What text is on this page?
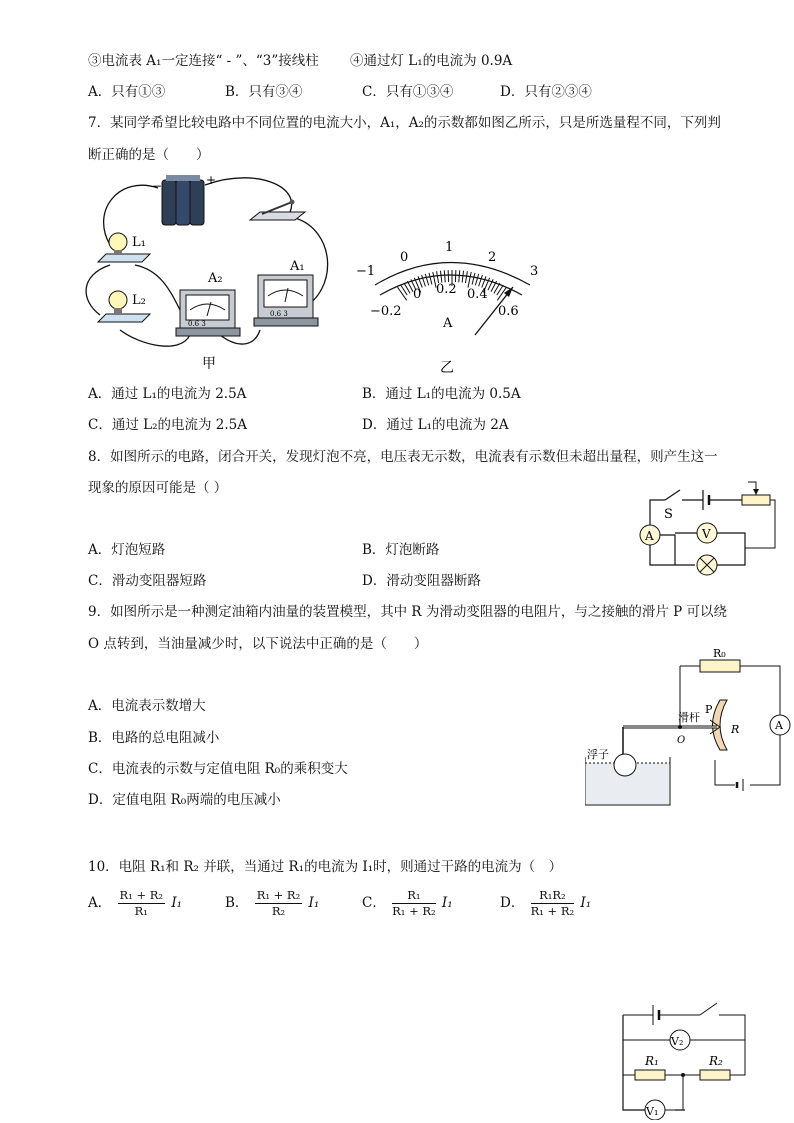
③电流表 A₁一定连接“ - ”、“3”接线柱 ④通过灯 L₁的电流为 0.9A
A．只有①③	B．只有③④	C．只有①③④	D．只有②③④
7．某同学希望比较电路中不同位置的电流大小，A₁，A₂的示数都如图乙所示，只是所选量程不同，下列判
断正确的是（　　）
−	+
L₁
L₂
A₂
0.6 3
A₁
0.6 3
甲
−1
0
1
2
3
−0.2
0 0.2 0.4
0.6
A
乙
A．通过 L₁的电流为 2.5A	B．通过 L₁的电流为 0.5A
C．通过 L₂的电流为 2.5A	D．通过 L₁的电流为 2A
8．如图所示的电路，闭合开关，发现灯泡不亮，电压表无示数，电流表有示数但未超出量程，则产生这一
现象的原因可能是（ ）
S
A	V
A．灯泡短路	B．灯泡断路
C．滑动变阻器短路	D．滑动变阻器断路
9．如图所示是一种测定油箱内油量的装置模型，其中 R 为滑动变阻器的电阻片，与之接触的滑片 P 可以绕
O 点转到，当油量减少时，以下说法中正确的是（　　）
R₀
A
R
O
滑杆
P
浮子
A．电流表示数增大
B．电路的总电阻减小
C．电流表的示数与定值电阻 R₀的乘积变大
D．定值电阻 R₀两端的电压减小
10．电阻 R₁和 R₂ 并联，当通过 R₁的电流为 I₁时，则通过干路的电流为（　）
A． $\frac{\text{R₁ + R₂}}{\text{R₁}} I_1$	B． $\frac{\text{R₁ + R₂}}{\text{R₂}} I_1$	C． $\frac{\text{R₁}}{\text{R₁ + R₂}} I_1$	D． $\frac{\text{R₁R₂}}{\text{R₁ + R₂}} I_1$
V₂
R₁	R₂
V₁
